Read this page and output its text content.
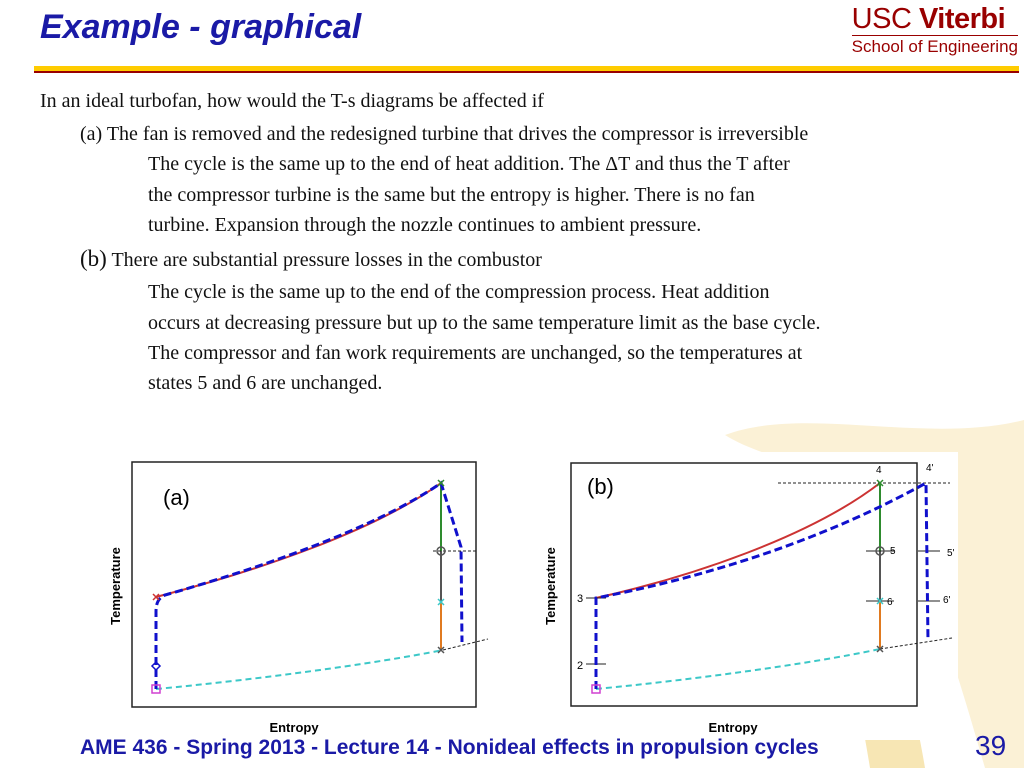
Example - graphical	USC Viterbi
School of Engineering
In an ideal turbofan, how would the T-s diagrams be affected if
(a) The fan is removed and the redesigned turbine that drives the compressor is irreversible
The cycle is the same up to the end of heat addition. The ΔT and thus the T after
the compressor turbine is the same but the entropy is higher. There is no fan
turbine. Expansion through the nozzle continues to ambient pressure.
(b) There are substantial pressure losses in the combustor
The cycle is the same up to the end of the compression process. Heat addition
occurs at decreasing pressure but up to the same temperature limit as the base cycle.
The compressor and fan work requirements are unchanged, so the temperatures at
states 5 and 6 are unchanged.
(a)
Entropy
Temperature
(b)
Entropy
Temperature
2
3
4	4'
5	5'
6	6'
AME 436 - Spring 2013 - Lecture 14 - Nonideal effects in propulsion cycles	39
